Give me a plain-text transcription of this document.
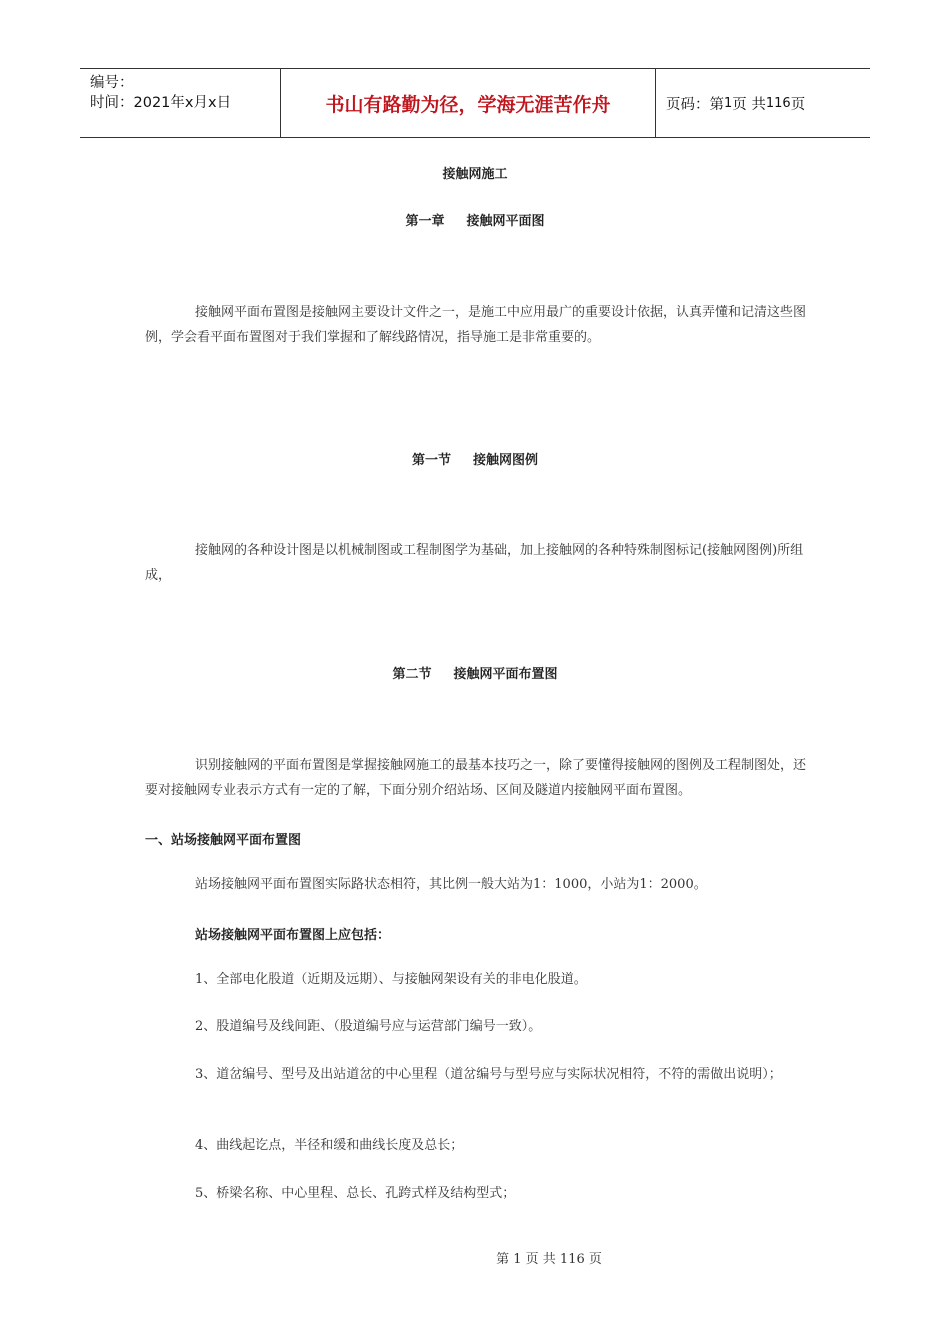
编号：
时间：2021年x月x日	书山有路勤为径，学海无涯苦作舟	页码：第 1 页 共 116 页
接触网施工
第一章 接触网平面图

接触网平面布置图是接触网主要设计文件之一，是施工中应用最广的重要设计依据，认真弄懂和记清这些图例，学会看平面布置图对于我们掌握和了解线路情况，指导施工是非常重要的。

第一节 接触网图例

接触网的各种设计图是以机械制图或工程制图学为基础，加上接触网的各种特殊制图标记(接触网图例)所组成，

第二节 接触网平面布置图

识别接触网的平面布置图是掌握接触网施工的最基本技巧之一，除了要懂得接触网的图例及工程制图处，还要对接触网专业表示方式有一定的了解，下面分别介绍站场、区间及隧道内接触网平面布置图。

一、站场接触网平面布置图

站场接触网平面布置图实际路状态相符，其比例一般大站为1：1000，小站为1：2000。

站场接触网平面布置图上应包括：

1、全部电化股道（近期及远期）、与接触网架设有关的非电化股道。

2、股道编号及线间距、（股道编号应与运营部门编号一致）。

3、道岔编号、型号及出站道岔的中心里程（道岔编号与型号应与实际状况相符，不符的需做出说明）；

4、曲线起讫点，半径和缓和曲线长度及总长；

5、桥梁名称、中心里程、总长、孔跨式样及结构型式；

第 1 页 共 116 页
